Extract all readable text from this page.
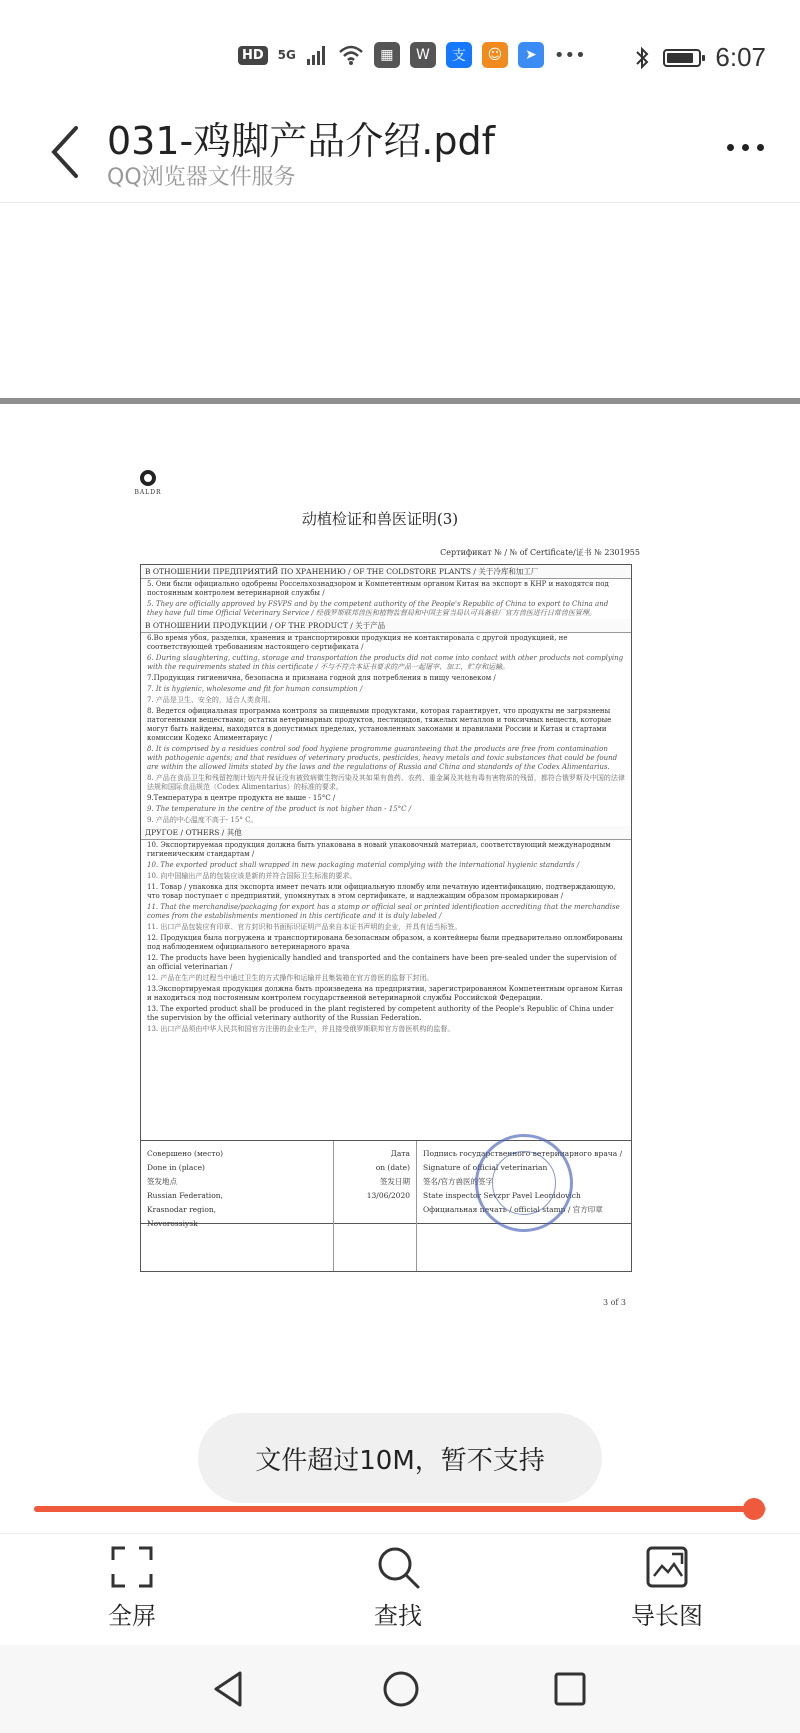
HD	5G	▦	W	支	☺	➤ •••	6:07
031-鸡脚产品介绍.pdf
QQ浏览器文件服务
BALDR
动植检证和兽医证明(3)
Сертификат № / № of Certificate/证书 № 2301955
В ОТНОШЕНИИ ПРЕДПРИЯТИЙ ПО ХРАНЕНИЮ / OF THE COLDSTORE PLANTS / 关于冷库和加工厂
5. Они были официально одобрены Россельхознадзором и Компетентным органом Китая на экспорт в КНР и находятся под постоянным контролем ветеринарной службы /
5. They are officially approved by FSVPS and by the competent authority of the People's Republic of China to export to China and they have full time Official Veterinary Service / 经俄罗斯联邦兽医和植物监督局和中国主管当局认可具备驻厂官方兽医进行日常兽医管理。
В ОТНОШЕНИИ ПРОДУКЦИИ / OF THE PRODUCT / 关于产品
6.Во время убоя, разделки, хранения и транспортировки продукция не контактировала с другой продукцией, не соответствующей требованиям настоящего сертификата /
6. During slaughtering, cutting, storage and transportation the products did not come into contact with other products not complying with the requirements stated in this certificate / 不与不符合本证书要求的产品一起屠宰、加工、贮存和运输。
7.Продукция гигиенична, безопасна и признана годной для потребления в пищу человеком /
7. It is hygienic, wholesome and fit for human consumption /
7. 产品是卫生、安全的，适合人类食用。
8. Ведется официальная программа контроля за пищевыми продуктами, которая гарантирует, что продукты не загрязнены патогенными веществами; остатки ветеринарных продуктов, пестицидов, тяжелых металлов и токсичных веществ, которые могут быть найдены, находятся в допустимых пределах, установленных законами и правилами России и Китая и стартами комиссии Кодекс Алиментариус /
8. It is comprised by a residues control sod food hygiene programme guaranteeing that the products are free from contamination with pathogenic agents; and that residues of veterinary products, pesticides, heavy metals and toxic substances that could be found are within the allowed limits stated by the laws and the regulations of Russia and China and standards of the Codex Alimentarius.
8. 产品在食品卫生和残留控制计划内并保证没有被致病微生物污染及其如果有兽药、农药、重金属及其他有毒有害物质的残留，都符合俄罗斯及中国的法律法规和国际食品规范（Codex Alimentarius）的标准的要求。
9.Температура в центре продукта не выше - 15°C /
9. The temperature in the centre of the product is not higher than - 15°C /
9. 产品的中心温度不高于- 15° C。
ДРУГОЕ / OTHERS / 其他
10. Экспортируемая продукция должна быть упакована в новый упаковочный материал, соответствующий международным гигиеническим стандартам /
10. The exported product shall wrapped in new packaging material complying with the international hygienic standards /
10. 向中国输出产品的包装应该是新的并符合国际卫生标准的要求。
11. Товар / упаковка для экспорта имеет печать или официальную пломбу или печатную идентификацию, подтверждающую, что товар поступает с предприятий, упомянутых в этом сертификате, и надлежащим образом промаркирован /
11. That the merchandise/packaging for export has a stamp or official seal or printed identification accrediting that the merchandise comes from the establishments mentioned in this certificate and it is duly labeled /
11. 出口产品包装应有印章、官方封识和书面标识证明产品来自本证书声明的企业，并具有适当标签。
12. Продукция была погружена и транспортирована безопасным образом, а контейнеры были предварительно опломбированы под наблюдением официального ветеринарного врача
12. The products have been hygienically handled and transported and the containers have been pre-sealed under the supervision of an official veterinarian /
12. 产品在生产的过程当中通过卫生的方式操作和运输并且集装箱在官方兽医的监督下封闭。
13.Экспортируемая продукция должна быть произведена на предприятии, зарегистрированном Компетентным органом Китая и находиться под постоянным контролем государственной ветеринарной службы Российской Федерации.
13. The exported product shall be produced in the plant registered by competent authority of the People's Republic of China under the supervision by the official veterinary authority of the Russian Federation.
13. 出口产品须由中华人民共和国官方注册的企业生产，并且接受俄罗斯联邦官方兽医机构的监督。
Совершено (место)
Done in (place)
签发地点
Russian Federation,
Krasnodar region,
Novorossiysk
Дата
on (date)
签发日期
13/06/2020
Подпись государственного ветеринарного врача /
Signature of official veterinarian
签名/官方兽医的签字
State inspector Sevzpr Pavel Leonidovich
Официальная печать / official stamp / 官方印章
3 of 3
文件超过10M，暂不支持
全屏	查找	导长图
